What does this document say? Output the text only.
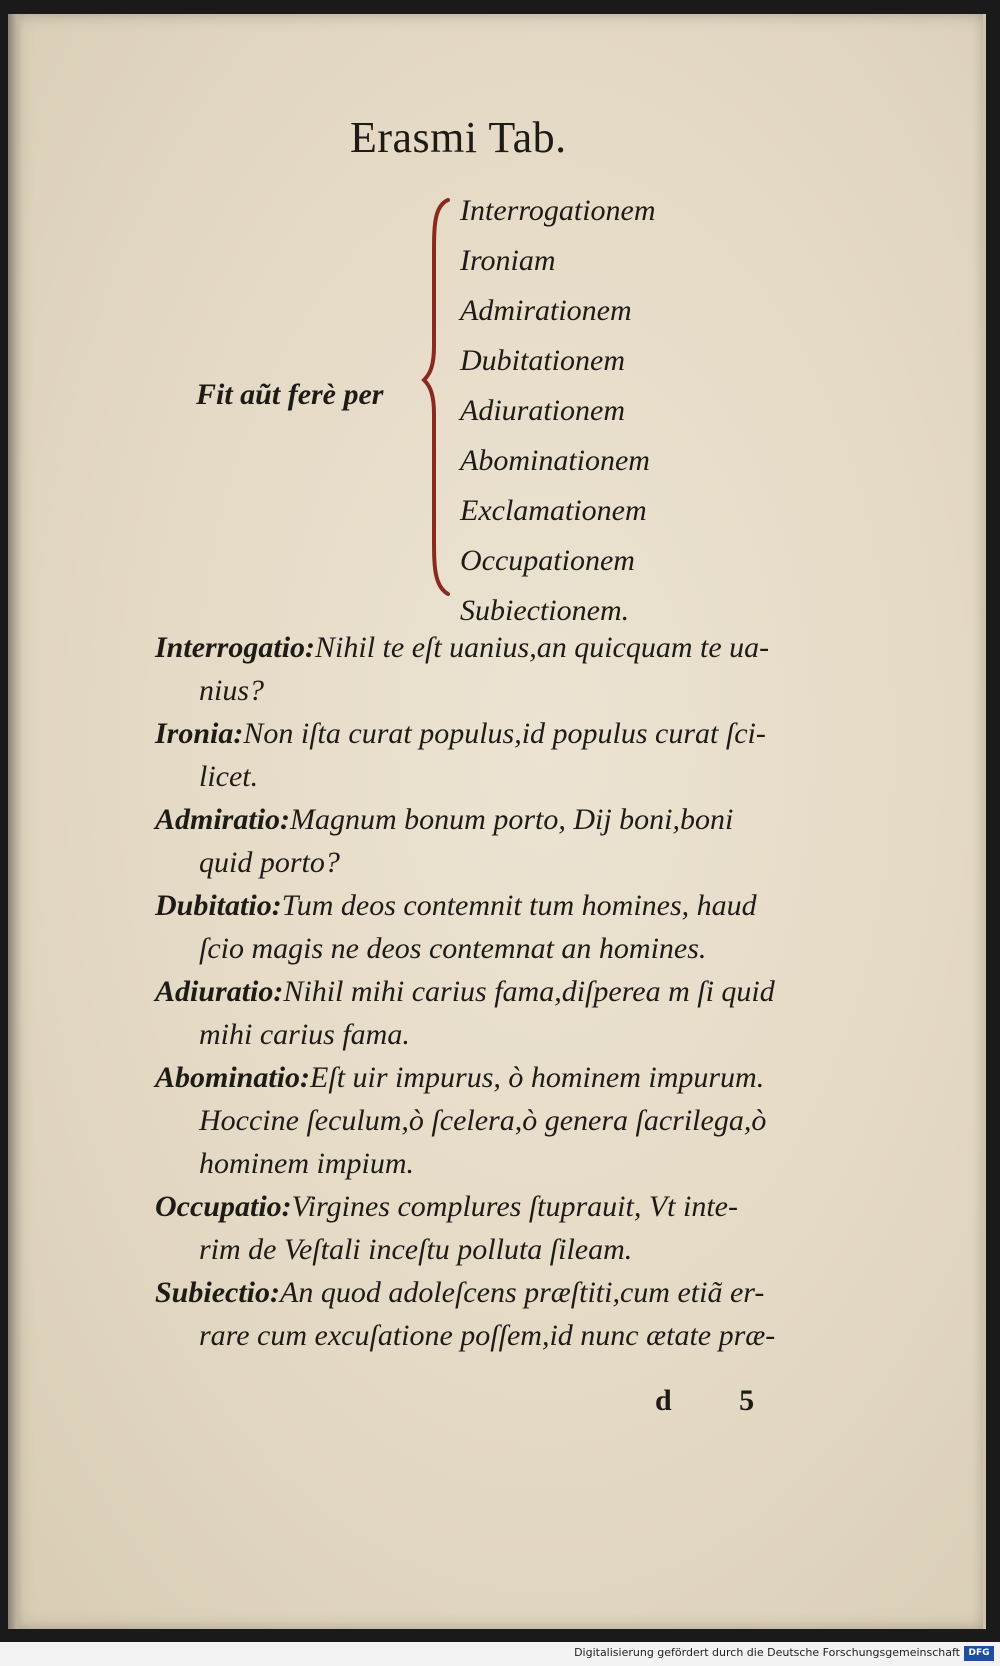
Erasmi Tab.
Fit aũt ferè per
Interrogationem
Ironiam
Admirationem
Dubitationem
Adiurationem
Abominationem
Exclamationem
Occupationem
Subiectionem.
Interrogatio:Nihil te eſt uanius,an quicquam te ua-
nius?
Ironia:Non iſta curat populus,id populus curat ſci-
licet.
Admiratio:Magnum bonum porto, Dij boni,boni
quid porto?
Dubitatio:Tum deos contemnit tum homines, haud
ſcio magis ne deos contemnat an homines.
Adiuratio:Nihil mihi carius fama,diſperea m ſi quid
mihi carius fama.
Abominatio:Eſt uir impurus, ò hominem impurum.
Hoccine ſeculum,ò ſcelera,ò genera ſacrilega,ò
hominem impium.
Occupatio:Virgines complures ſtuprauit, Vt inte-
rim de Veſtali inceſtu polluta ſileam.
Subiectio:An quod adoleſcens præſtiti,cum etiã er-
rare cum excuſatione poſſem,id nunc ætate præ-
d 5
Digitalisierung gefördert durch die Deutsche Forschungsgemeinschaft DFG
